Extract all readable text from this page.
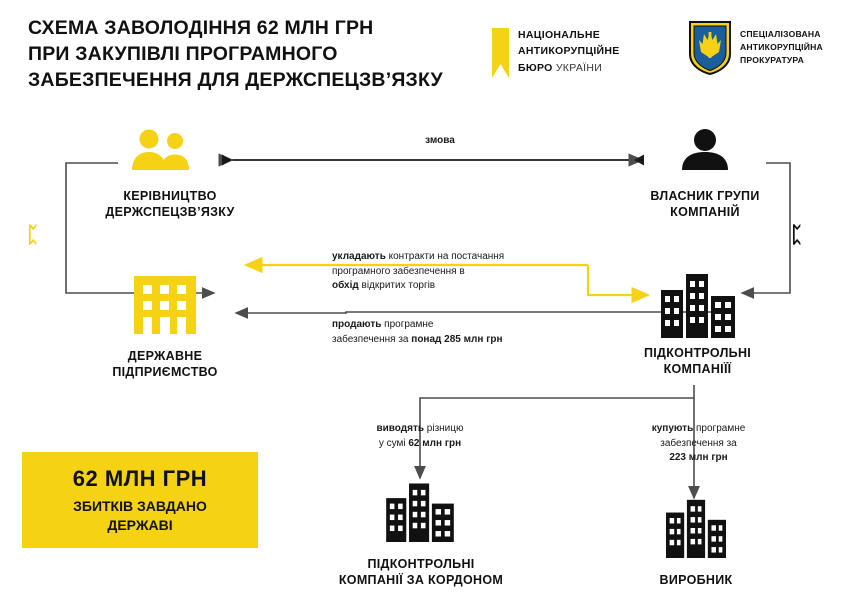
СХЕМА ЗАВОЛОДІННЯ 62 МЛН ГРН
ПРИ ЗАКУПІВЛІ ПРОГРАМНОГО
ЗАБЕЗПЕЧЕННЯ ДЛЯ ДЕРЖСПЕЦЗВ’ЯЗКУ
НАЦІОНАЛЬНЕ
АНТИКОРУПЦІЙНЕ
БЮРО УКРАЇНИ
СПЕЦІАЛІЗОВАНА
АНТИКОРУПЦІЙНА
ПРОКУРАТУРА
КЕРІВНИЦТВО
ДЕРЖСПЕЦЗВ’ЯЗКУ
ВЛАСНИК ГРУПИ
КОМПАНІЙ
ДЕРЖАВНЕ
ПІДПРИЄМСТВО
ПІДКОНТРОЛЬНІ
КОМПАНІЇЇ
ПІДКОНТРОЛЬНІ
КОМПАНІЇ ЗА КОРДОНОМ	ВИРОБНИК
змова
укладають контракти на постачання
програмного забезпечення в
обхід відкритих торгів
продають програмне
забезпечення за понад 285 млн грн
виводять різницю
у сумі 62 млн грн
купують програмне
забезпечення за
223 млн грн
62 МЛН ГРН
ЗБИТКІВ ЗАВДАНО
ДЕРЖАВІ
ᛈ	ᛈ
